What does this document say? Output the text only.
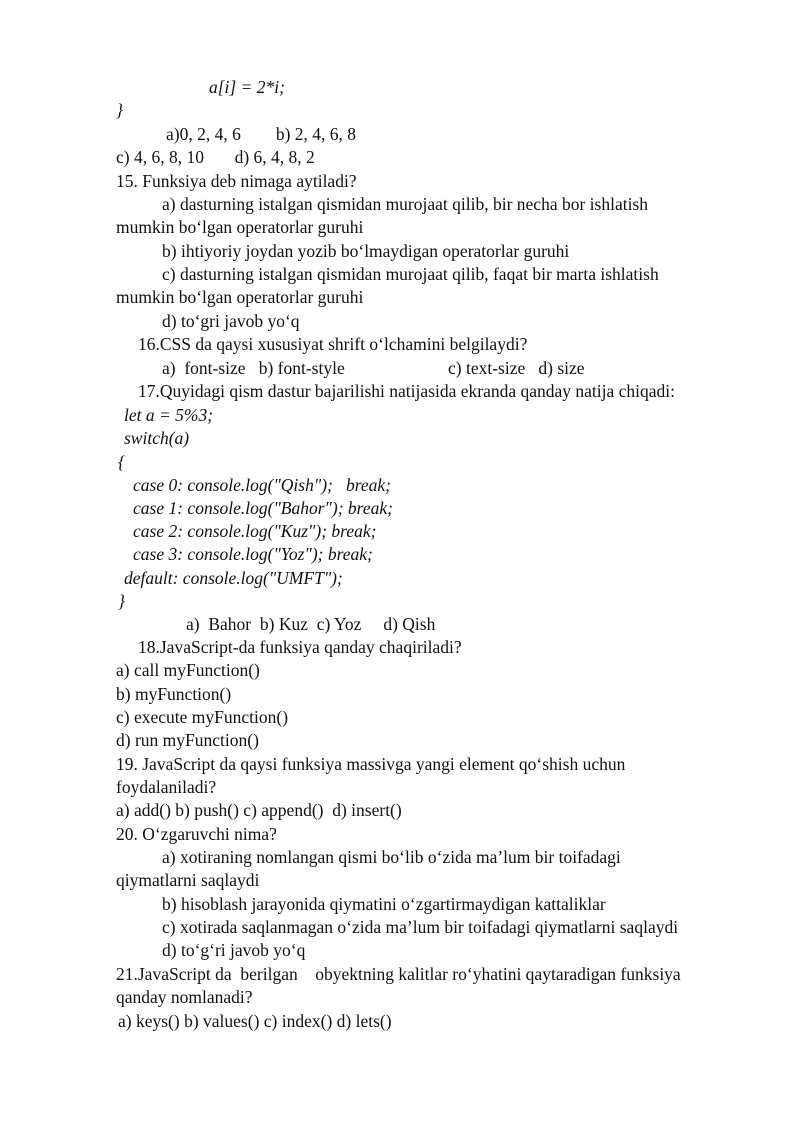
a[i] = 2*i;
}
a)0, 2, 4, 6        b) 2, 4, 6, 8
c) 4, 6, 8, 10       d) 6, 4, 8, 2
15. Funksiya deb nimaga aytiladi?
a) dasturning istalgan qismidan murojaat qilib, bir necha bor ishlatish
mumkin bo‘lgan operatorlar guruhi
b) ihtiyoriy joydan yozib bo‘lmaydigan operatorlar guruhi
c) dasturning istalgan qismidan murojaat qilib, faqat bir marta ishlatish
mumkin bo‘lgan operatorlar guruhi
d) to‘gri javob yo‘q
16.CSS da qaysi xususiyat shrift o‘lchamini belgilaydi?
a)  font-size   b) font-style	c) text-size   d) size
17.Quyidagi qism dastur bajarilishi natijasida ekranda qanday natija chiqadi:
let a = 5%3;
switch(a)
{
case 0: console.log("Qish");   break;
case 1: console.log("Bahor"); break;
case 2: console.log("Kuz"); break;
case 3: console.log("Yoz"); break;
default: console.log("UMFT");
}
a)  Bahor  b) Kuz  c) Yoz     d) Qish
18.JavaScript-da funksiya qanday chaqiriladi?
a) call myFunction()
b) myFunction()
c) execute myFunction()
d) run myFunction()
19. JavaScript da qaysi funksiya massivga yangi element qo‘shish uchun
foydalaniladi?
a) add() b) push() c) append()  d) insert()
20. O‘zgaruvchi nima?
a) xotiraning nomlangan qismi bo‘lib o‘zida ma’lum bir toifadagi
qiymatlarni saqlaydi
b) hisoblash jarayonida qiymatini o‘zgartirmaydigan kattaliklar
c) xotirada saqlanmagan o‘zida ma’lum bir toifadagi qiymatlarni saqlaydi
d) to‘g‘ri javob yo‘q
21.JavaScript da  berilgan    obyektning kalitlar ro‘yhatini qaytaradigan funksiya
qanday nomlanadi?
a) keys() b) values() c) index() d) lets()
